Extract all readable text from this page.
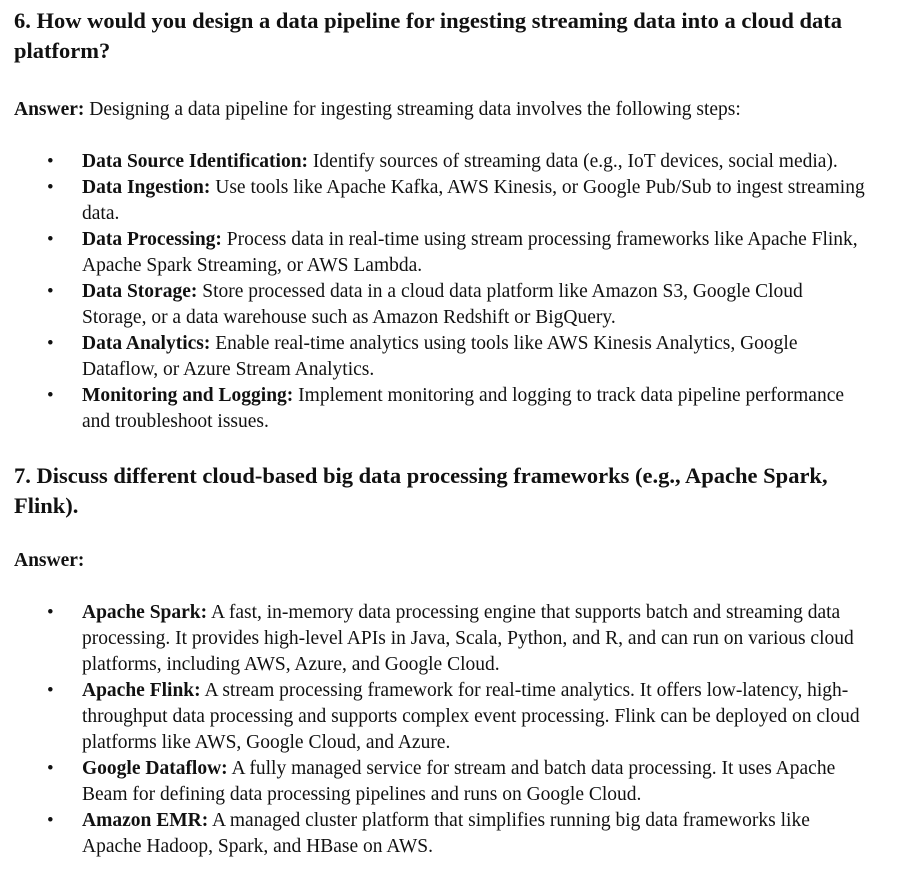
6. How would you design a data pipeline for ingesting streaming data into a cloud data platform?

Answer: Designing a data pipeline for ingesting streaming data involves the following steps:

• Data Source Identification: Identify sources of streaming data (e.g., IoT devices, social media).
• Data Ingestion: Use tools like Apache Kafka, AWS Kinesis, or Google Pub/Sub to ingest streaming data.
• Data Processing: Process data in real-time using stream processing frameworks like Apache Flink, Apache Spark Streaming, or AWS Lambda.
• Data Storage: Store processed data in a cloud data platform like Amazon S3, Google Cloud Storage, or a data warehouse such as Amazon Redshift or BigQuery.
• Data Analytics: Enable real-time analytics using tools like AWS Kinesis Analytics, Google Dataflow, or Azure Stream Analytics.
• Monitoring and Logging: Implement monitoring and logging to track data pipeline performance and troubleshoot issues.
7. Discuss different cloud-based big data processing frameworks (e.g., Apache Spark, Flink).

Answer:

• Apache Spark: A fast, in-memory data processing engine that supports batch and streaming data processing. It provides high-level APIs in Java, Scala, Python, and R, and can run on various cloud platforms, including AWS, Azure, and Google Cloud.
• Apache Flink: A stream processing framework for real-time analytics. It offers low-latency, high-throughput data processing and supports complex event processing. Flink can be deployed on cloud platforms like AWS, Google Cloud, and Azure.
• Google Dataflow: A fully managed service for stream and batch data processing. It uses Apache Beam for defining data processing pipelines and runs on Google Cloud.
• Amazon EMR: A managed cluster platform that simplifies running big data frameworks like Apache Hadoop, Spark, and HBase on AWS.
